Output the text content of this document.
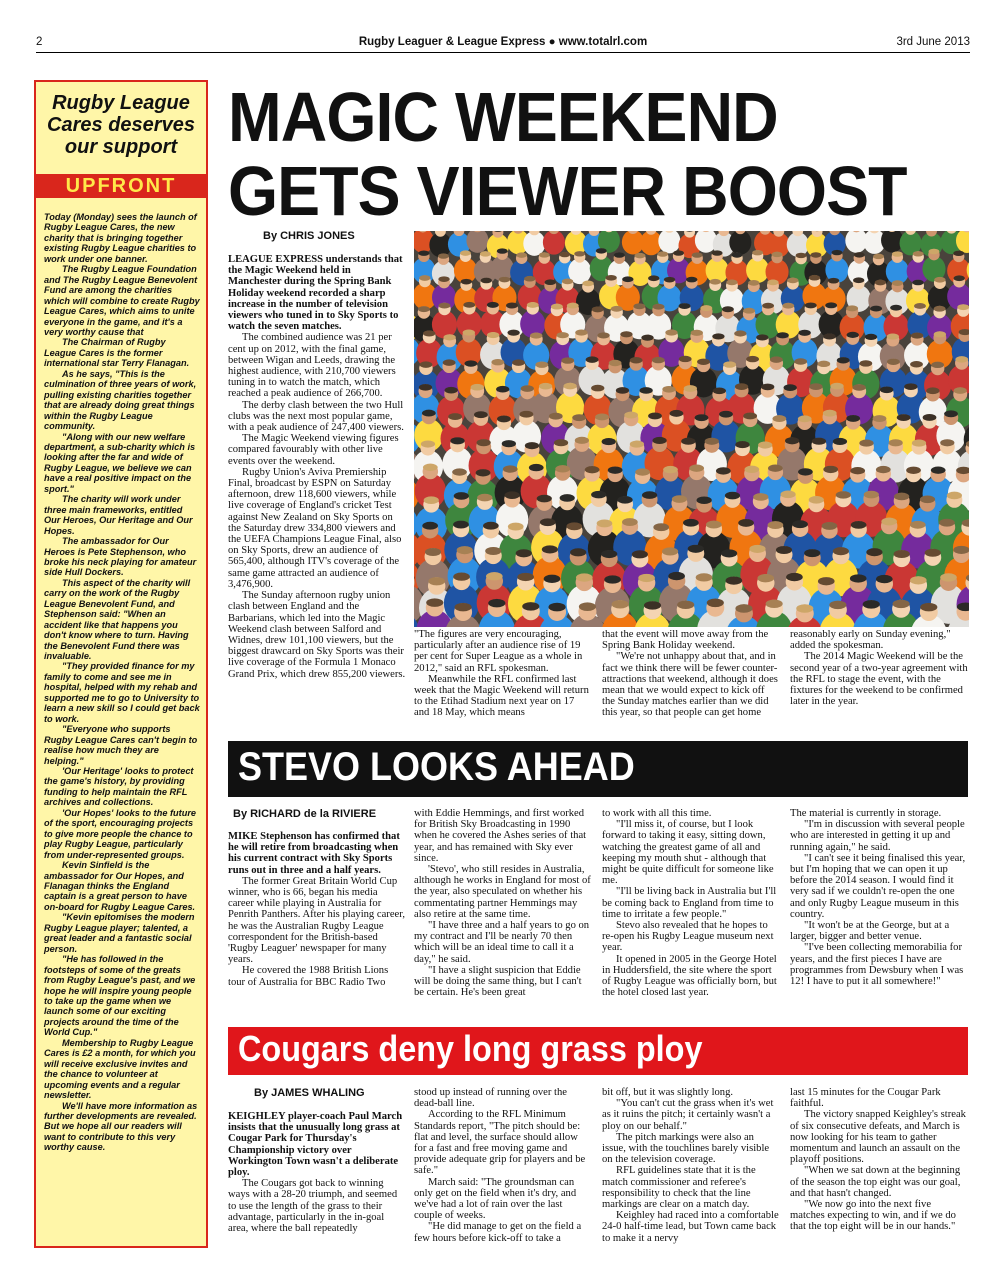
2	Rugby Leaguer & League Express ● www.totalrl.com	3rd June 2013
Rugby League Cares deserves our support
UPFRONT

Today (Monday) sees the launch of Rugby League Cares, the new charity that is bringing together existing Rugby League charities to work under one banner.

The Rugby League Foundation and The Rugby League Benevolent Fund are among the charities which will combine to create Rugby League Cares, which aims to unite everyone in the game, and it's a very worthy cause that

The Chairman of Rugby League Cares is the former international star Terry Flanagan.

As he says, "This is the culmination of three years of work, pulling existing charities together that are already doing great things within the Rugby League community.

"Along with our new welfare department, a sub-charity which is looking after the far and wide of Rugby League, we believe we can have a real positive impact on the sport."

The charity will work under three main frameworks, entitled Our Heroes, Our Heritage and Our Hopes.

The ambassador for Our Heroes is Pete Stephenson, who broke his neck playing for amateur side Hull Dockers.

This aspect of the charity will carry on the work of the Rugby League Benevolent Fund, and Stephenson said: "When an accident like that happens you don't know where to turn. Having the Benevolent Fund there was invaluable.

"They provided finance for my family to come and see me in hospital, helped with my rehab and supported me to go to University to learn a new skill so I could get back to work.

"Everyone who supports Rugby League Cares can't begin to realise how much they are helping."

'Our Heritage' looks to protect the game's history, by providing funding to help maintain the RFL archives and collections.

'Our Hopes' looks to the future of the sport, encouraging projects to give more people the chance to play Rugby League, particularly from under-represented groups.

Kevin Sinfield is the ambassador for Our Hopes, and Flanagan thinks the England captain is a great person to have on-board for Rugby League Cares.

"Kevin epitomises the modern Rugby League player; talented, a great leader and a fantastic social person.

"He has followed in the footsteps of some of the greats from Rugby League's past, and we hope he will inspire young people to take up the game when we launch some of our exciting projects around the time of the World Cup."

Membership to Rugby League Cares is £2 a month, for which you will receive exclusive invites and the chance to volunteer at upcoming events and a regular newsletter.

We'll have more information as further developments are revealed. But we hope all our readers will want to contribute to this very worthy cause.

MAGIC WEEKEND
GETS VIEWER BOOST
By CHRIS JONES

LEAGUE EXPRESS understands that the Magic Weekend held in Manchester during the Spring Bank Holiday weekend recorded a sharp increase in the number of television viewers who tuned in to Sky Sports to watch the seven matches.

The combined audience was 21 per cent up on 2012, with the final game, between Wigan and Leeds, drawing the highest audience, with 210,700 viewers tuning in to watch the match, which reached a peak audience of 266,700.

The derby clash between the two Hull clubs was the next most popular game, with a peak audience of 247,400 viewers.

The Magic Weekend viewing figures compared favourably with other live events over the weekend.

Rugby Union's Aviva Premiership Final, broadcast by ESPN on Saturday afternoon, drew 118,600 viewers, while live coverage of England's cricket Test against New Zealand on Sky Sports on the Saturday drew 334,800 viewers and the UEFA Champions League Final, also on Sky Sports, drew an audience of 565,400, although ITV's coverage of the same game attracted an audience of 3,476,900.

The Sunday afternoon rugby union clash between England and the Barbarians, which led into the Magic Weekend clash between Salford and Widnes, drew 101,100 viewers, but the biggest drawcard on Sky Sports was their live coverage of the Formula 1 Monaco Grand Prix, which drew 855,200 viewers.

"The figures are very encouraging, particularly after an audience rise of 19 per cent for Super League as a whole in 2012," said an RFL spokesman.

Meanwhile the RFL confirmed last week that the Magic Weekend will return to the Etihad Stadium next year on 17 and 18 May, which means

that the event will move away from the Spring Bank Holiday weekend.

"We're not unhappy about that, and in fact we think there will be fewer counter-attractions that weekend, although it does mean that we would expect to kick off the Sunday matches earlier than we did this year, so that people can get home

reasonably early on Sunday evening," added the spokesman.

The 2014 Magic Weekend will be the second year of a two-year agreement with the RFL to stage the event, with the fixtures for the weekend to be confirmed later in the year.

STEVO LOOKS AHEAD
By RICHARD de la RIVIERE

MIKE Stephenson has confirmed that he will retire from broadcasting when his current contract with Sky Sports runs out in three and a half years.

The former Great Britain World Cup winner, who is 66, began his media career while playing in Australia for Penrith Panthers. After his playing career, he was the Australian Rugby League correspondent for the British-based 'Rugby Leaguer' newspaper for many years.

He covered the 1988 British Lions tour of Australia for BBC Radio Two

with Eddie Hemmings, and first worked for British Sky Broadcasting in 1990 when he covered the Ashes series of that year, and has remained with Sky ever since.

'Stevo', who still resides in Australia, although he works in England for most of the year, also speculated on whether his commentating partner Hemmings may also retire at the same time.

"I have three and a half years to go on my contract and I'll be nearly 70 then which will be an ideal time to call it a day," he said.

"I have a slight suspicion that Eddie will be doing the same thing, but I can't be certain. He's been great

to work with all this time.

"I'll miss it, of course, but I look forward to taking it easy, sitting down, watching the greatest game of all and keeping my mouth shut - although that might be quite difficult for someone like me.

"I'll be living back in Australia but I'll be coming back to England from time to time to irritate a few people."

Stevo also revealed that he hopes to re-open his Rugby League museum next year.

It opened in 2005 in the George Hotel in Huddersfield, the site where the sport of Rugby League was officially born, but the hotel closed last year.

The material is currently in storage.

"I'm in discussion with several people who are interested in getting it up and running again," he said.

"I can't see it being finalised this year, but I'm hoping that we can open it up before the 2014 season. I would find it very sad if we couldn't re-open the one and only Rugby League museum in this country.

"It won't be at the George, but at a larger, bigger and better venue.

"I've been collecting memorabilia for years, and the first pieces I have are programmes from Dewsbury when I was 12! I have to put it all somewhere!"

Cougars deny long grass ploy
By JAMES WHALING

KEIGHLEY player-coach Paul March insists that the unusually long grass at Cougar Park for Thursday's Championship victory over Workington Town wasn't a deliberate ploy.

The Cougars got back to winning ways with a 28-20 triumph, and seemed to use the length of the grass to their advantage, particularly in the in-goal area, where the ball repeatedly

stood up instead of running over the dead-ball line.

According to the RFL Minimum Standards report, "The pitch should be: flat and level, the surface should allow for a fast and free moving game and provide adequate grip for players and be safe."

March said: "The groundsman can only get on the field when it's dry, and we've had a lot of rain over the last couple of weeks.

"He did manage to get on the field a few hours before kick-off to take a

bit off, but it was slightly long.

"You can't cut the grass when it's wet as it ruins the pitch; it certainly wasn't a ploy on our behalf."

The pitch markings were also an issue, with the touchlines barely visible on the television coverage.

RFL guidelines state that it is the match commissioner and referee's responsibility to check that the line markings are clear on a match day.

Keighley had raced into a comfortable 24-0 half-time lead, but Town came back to make it a nervy

last 15 minutes for the Cougar Park faithful.

The victory snapped Keighley's streak of six consecutive defeats, and March is now looking for his team to gather momentum and launch an assault on the playoff positions.

"When we sat down at the beginning of the season the top eight was our goal, and that hasn't changed.

"We now go into the next five matches expecting to win, and if we do that the top eight will be in our hands."
